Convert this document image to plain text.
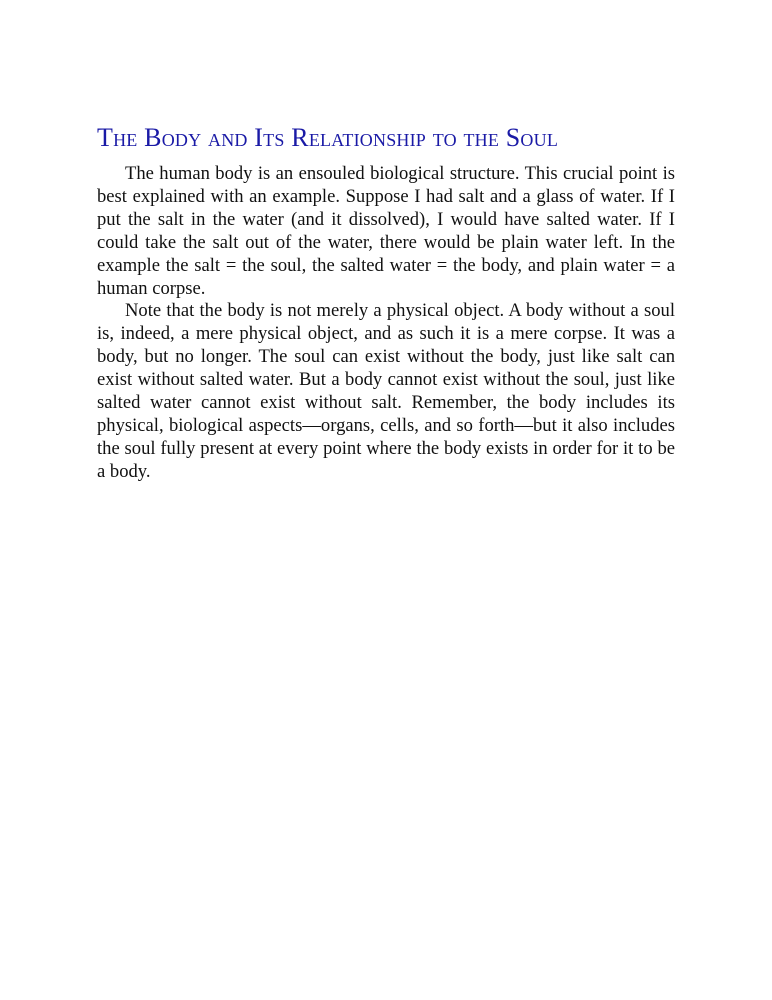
The Body and Its Relationship to the Soul

The human body is an ensouled biological structure. This crucial point is best explained with an example. Suppose I had salt and a glass of water. If I put the salt in the water (and it dissolved), I would have salted water. If I could take the salt out of the water, there would be plain water left. In the example the salt = the soul, the salted water = the body, and plain water = a human corpse.

Note that the body is not merely a physical object. A body without a soul is, indeed, a mere physical object, and as such it is a mere corpse. It was a body, but no longer. The soul can exist without the body, just like salt can exist without salted water. But a body cannot exist without the soul, just like salted water cannot exist without salt. Remember, the body includes its physical, biological aspects—organs, cells, and so forth—but it also includes the soul fully present at every point where the body exists in order for it to be a body.
